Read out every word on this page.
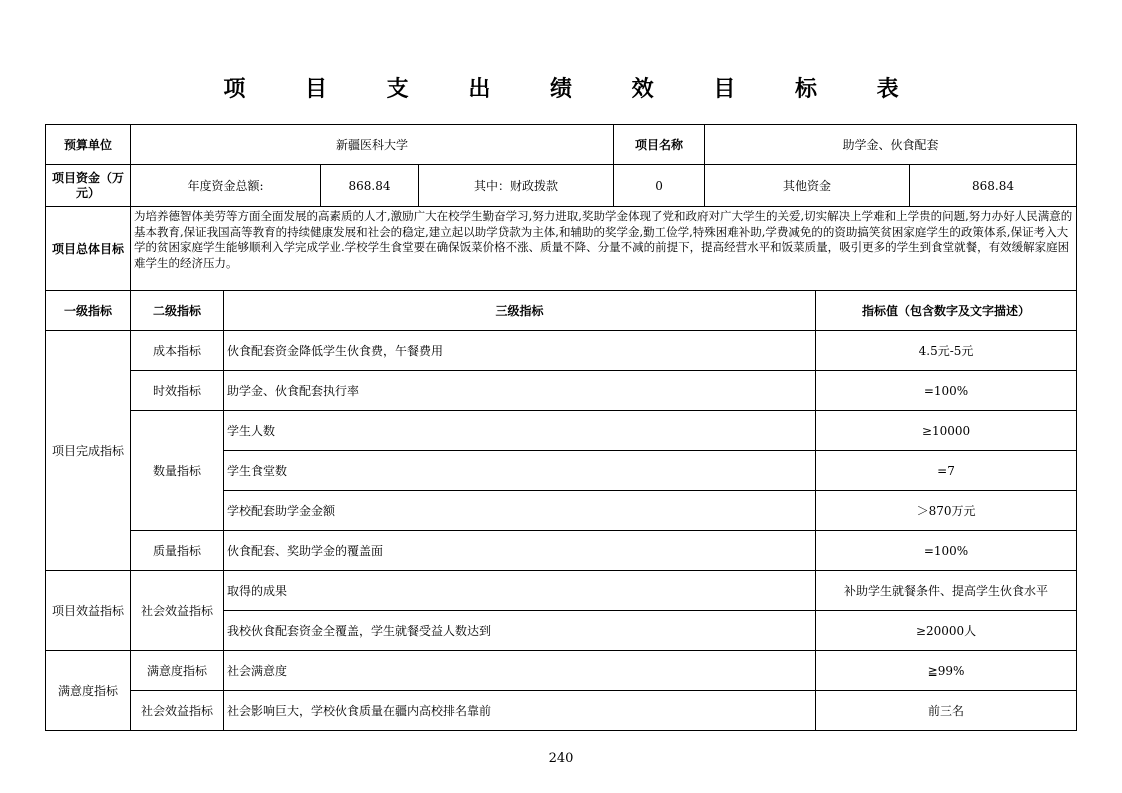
项 目 支 出 绩 效 目 标 表
预算单位	新疆医科大学				项目名称	助学金、伙食配套		
项目资金（万元）	年度资金总额:		868.84	其中：财政拨款	0	其他资金		868.84
项目总体目标	为培养德智体美劳等方面全面发展的高素质的人才,激励广大在校学生勤奋学习,努力进取,奖助学金体现了党和政府对广大学生的关爱,切实解决上学难和上学贵的问题,努力办好人民满意的基本教育,保证我国高等教育的持续健康发展和社会的稳定,建立起以助学贷款为主体,和辅助的奖学金,勤工俭学,特殊困难补助,学费减免的的资助搞笑贫困家庭学生的政策体系,保证考入大学的贫困家庭学生能够顺利入学完成学业.学校学生食堂要在确保饭菜价格不涨、质量不降、分量不减的前提下，提高经营水平和饭菜质量，吸引更多的学生到食堂就餐，有效缓解家庭困难学生的经济压力。							
一级指标	二级指标	三级指标					指标值（包含数字及文字描述）	
项目完成指标	成本指标	伙食配套资金降低学生伙食费，午餐费用					4.5元-5元	
	时效指标	助学金、伙食配套执行率					=100%	
	数量指标	学生人数					≥10000	
		学生食堂数					=7	
		学校配套助学金金额					＞870万元	
	质量指标	伙食配套、奖助学金的覆盖面					=100%	
项目效益指标	社会效益指标	取得的成果					补助学生就餐条件、提高学生伙食水平	
		我校伙食配套资金全覆盖，学生就餐受益人数达到					≥20000人	
满意度指标	满意度指标	社会满意度					≧99%	
	社会效益指标	社会影响巨大，学校伙食质量在疆内高校排名靠前					前三名	
240
